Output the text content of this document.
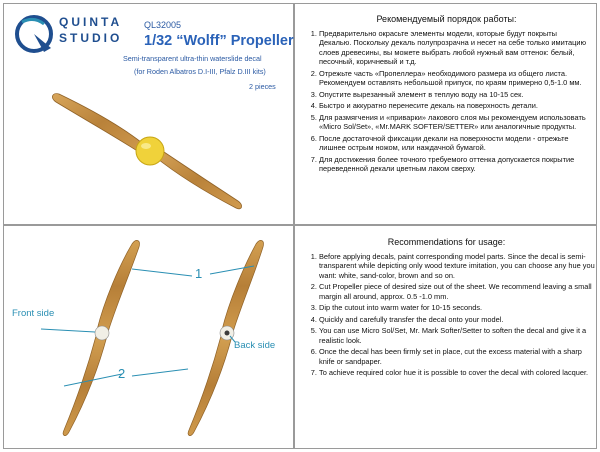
QUINTA
STUDIO
QL32005
1/32 “Wolff” Propeller
Semi-transparent ultra-thin waterslide decal
(for Roden Albatros D.I-III, Pfalz D.III kits)
2 pieces
Рекомендуемый порядок работы:
1. Предварительно окрасьте элементы модели, которые будут покрыты Декалью. Поскольку декаль полупрозрачна и несет на себе только имитацию слоев древесины, вы можете выбрать любой нужный вам оттенок: белый, песочный, коричневый и т.д.
2. Отрежьте часть «Пропеллера» необходимого размера из общего листа. Рекомендуем оставлять небольшой припуск, по краям примерно 0,5-1.0 мм.
3. Опустите вырезанный элемент в теплую воду на 10-15 сек.
4. Быстро и аккуратно перенесите декаль на поверхность детали.
5. Для размягчения и «приварки» лакового слоя мы рекомендуем использовать «Micro Sol/Set», «Mr.MARK SOFTER/SETTER» или аналогичные продукты.
6. После достаточной фиксации декали на поверхности модели - отрежьте лишнее острым ножом, или наждачной бумагой.
7. Для достижения более точного требуемого оттенка допускается покрытие переведенной декали цветным лаком сверху.
1
2
Front side
Back side
Recommendations for usage:
1. Before applying decals, paint corresponding model parts. Since the decal is semi-transparent while depicting only wood texture imitation, you can choose any hue you want: white, sand-color, brown and so on.
2. Cut Propeller piece of desired size out of the sheet. We recommend leaving a small margin all around, approx. 0.5 -1.0 mm.
3. Dip the cutout into warm water for 10-15 seconds.
4. Quickly and carefully transfer the decal onto your model.
5. You can use Micro Sol/Set, Mr. Mark Softer/Setter to soften the decal and give it a realistic look.
6. Once the decal has been firmly set in place, cut the excess material with a sharp knife or sandpaper.
7. To achieve required color hue it is possible to cover the decal with colored lacquer.
